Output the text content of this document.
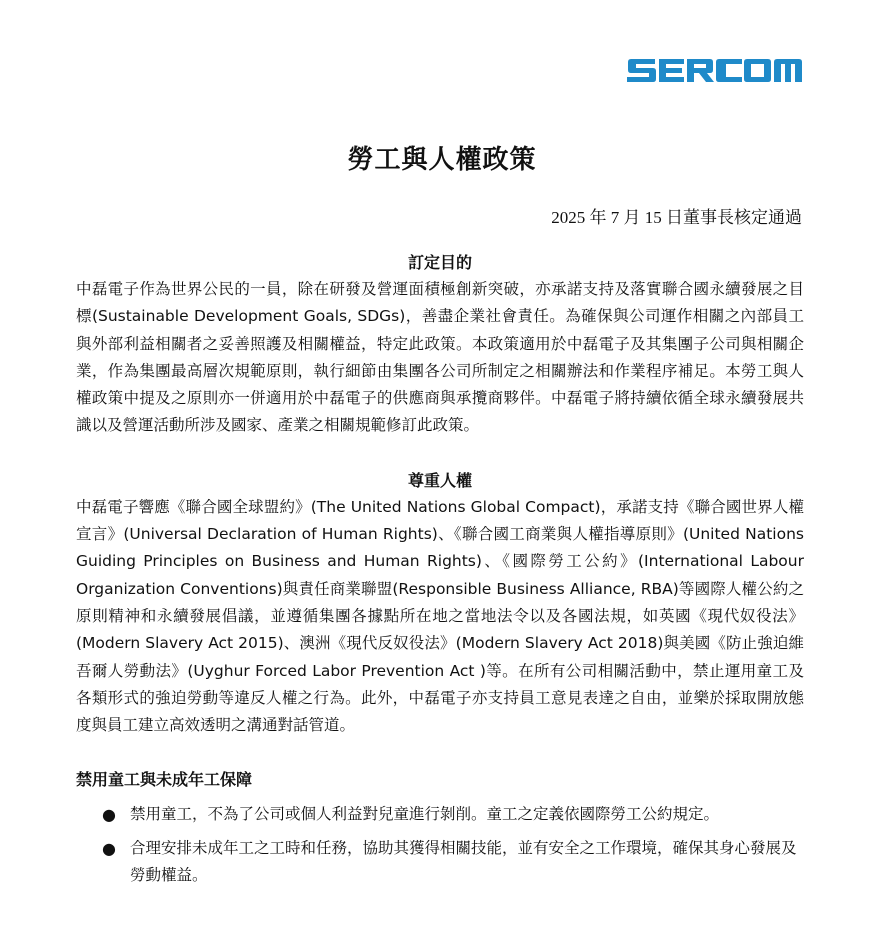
勞工與人權政策
2025 年 7 月 15 日董事長核定通過
訂定目的

中磊電子作為世界公民的一員，除在研發及營運面積極創新突破，亦承諾支持及落實聯合國永續發展之目標(Sustainable Development Goals, SDGs)，善盡企業社會責任。為確保與公司運作相關之內部員工與外部利益相關者之妥善照護及相關權益，特定此政策。本政策適用於中磊電子及其集團子公司與相關企業，作為集團最高層次規範原則，執行細節由集團各公司所制定之相關辦法和作業程序補足。本勞工與人權政策中提及之原則亦一併適用於中磊電子的供應商與承攬商夥伴。中磊電子將持續依循全球永續發展共識以及營運活動所涉及國家、產業之相關規範修訂此政策。

尊重人權

中磊電子響應《聯合國全球盟約》(The United Nations Global Compact)，承諾支持《聯合國世界人權宣言》(Universal Declaration of Human Rights)、《聯合國工商業與人權指導原則》(United Nations Guiding Principles on Business and Human Rights)、《國際勞工公約》(International Labour Organization Conventions)與責任商業聯盟(Responsible Business Alliance, RBA)等國際人權公約之原則精神和永續發展倡議，並遵循集團各據點所在地之當地法令以及各國法規，如英國《現代奴役法》(Modern Slavery Act 2015)、澳洲《現代反奴役法》(Modern Slavery Act 2018)與美國《防止強迫維吾爾人勞動法》(Uyghur Forced Labor Prevention Act )等。在所有公司相關活動中，禁止運用童工及各類形式的強迫勞動等違反人權之行為。此外，中磊電子亦支持員工意見表達之自由，並樂於採取開放態度與員工建立高效透明之溝通對話管道。

禁用童工與未成年工保障
● 禁用童工，不為了公司或個人利益對兒童進行剝削。童工之定義依國際勞工公約規定。
● 合理安排未成年工之工時和任務，協助其獲得相關技能，並有安全之工作環境，確保其身心發展及勞動權益。
